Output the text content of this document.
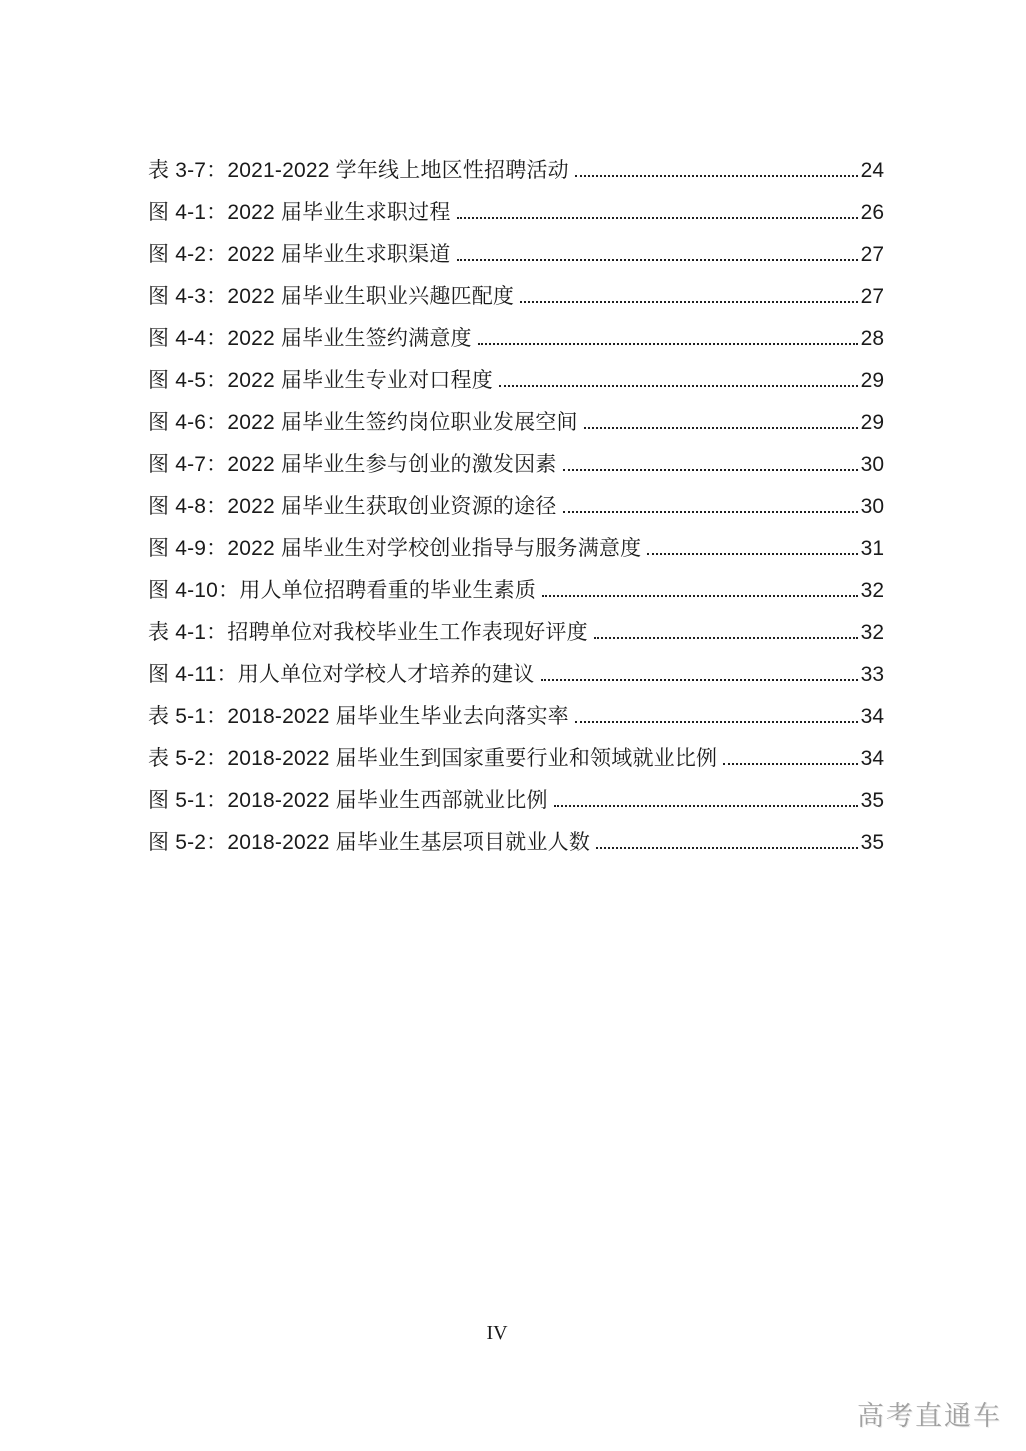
表 3-7：2021-2022 学年线上地区性招聘活动	24
图 4-1：2022 届毕业生求职过程	26
图 4-2：2022 届毕业生求职渠道	27
图 4-3：2022 届毕业生职业兴趣匹配度	27
图 4-4：2022 届毕业生签约满意度	28
图 4-5：2022 届毕业生专业对口程度	29
图 4-6：2022 届毕业生签约岗位职业发展空间	29
图 4-7：2022 届毕业生参与创业的激发因素	30
图 4-8：2022 届毕业生获取创业资源的途径	30
图 4-9：2022 届毕业生对学校创业指导与服务满意度	31
图 4-10：用人单位招聘看重的毕业生素质	32
表 4-1：招聘单位对我校毕业生工作表现好评度	32
图 4-11：用人单位对学校人才培养的建议	33
表 5-1：2018-2022 届毕业生毕业去向落实率	34
表 5-2：2018-2022 届毕业生到国家重要行业和领域就业比例	34
图 5-1：2018-2022 届毕业生西部就业比例	35
图 5-2：2018-2022 届毕业生基层项目就业人数	35
IV
高考直通车
